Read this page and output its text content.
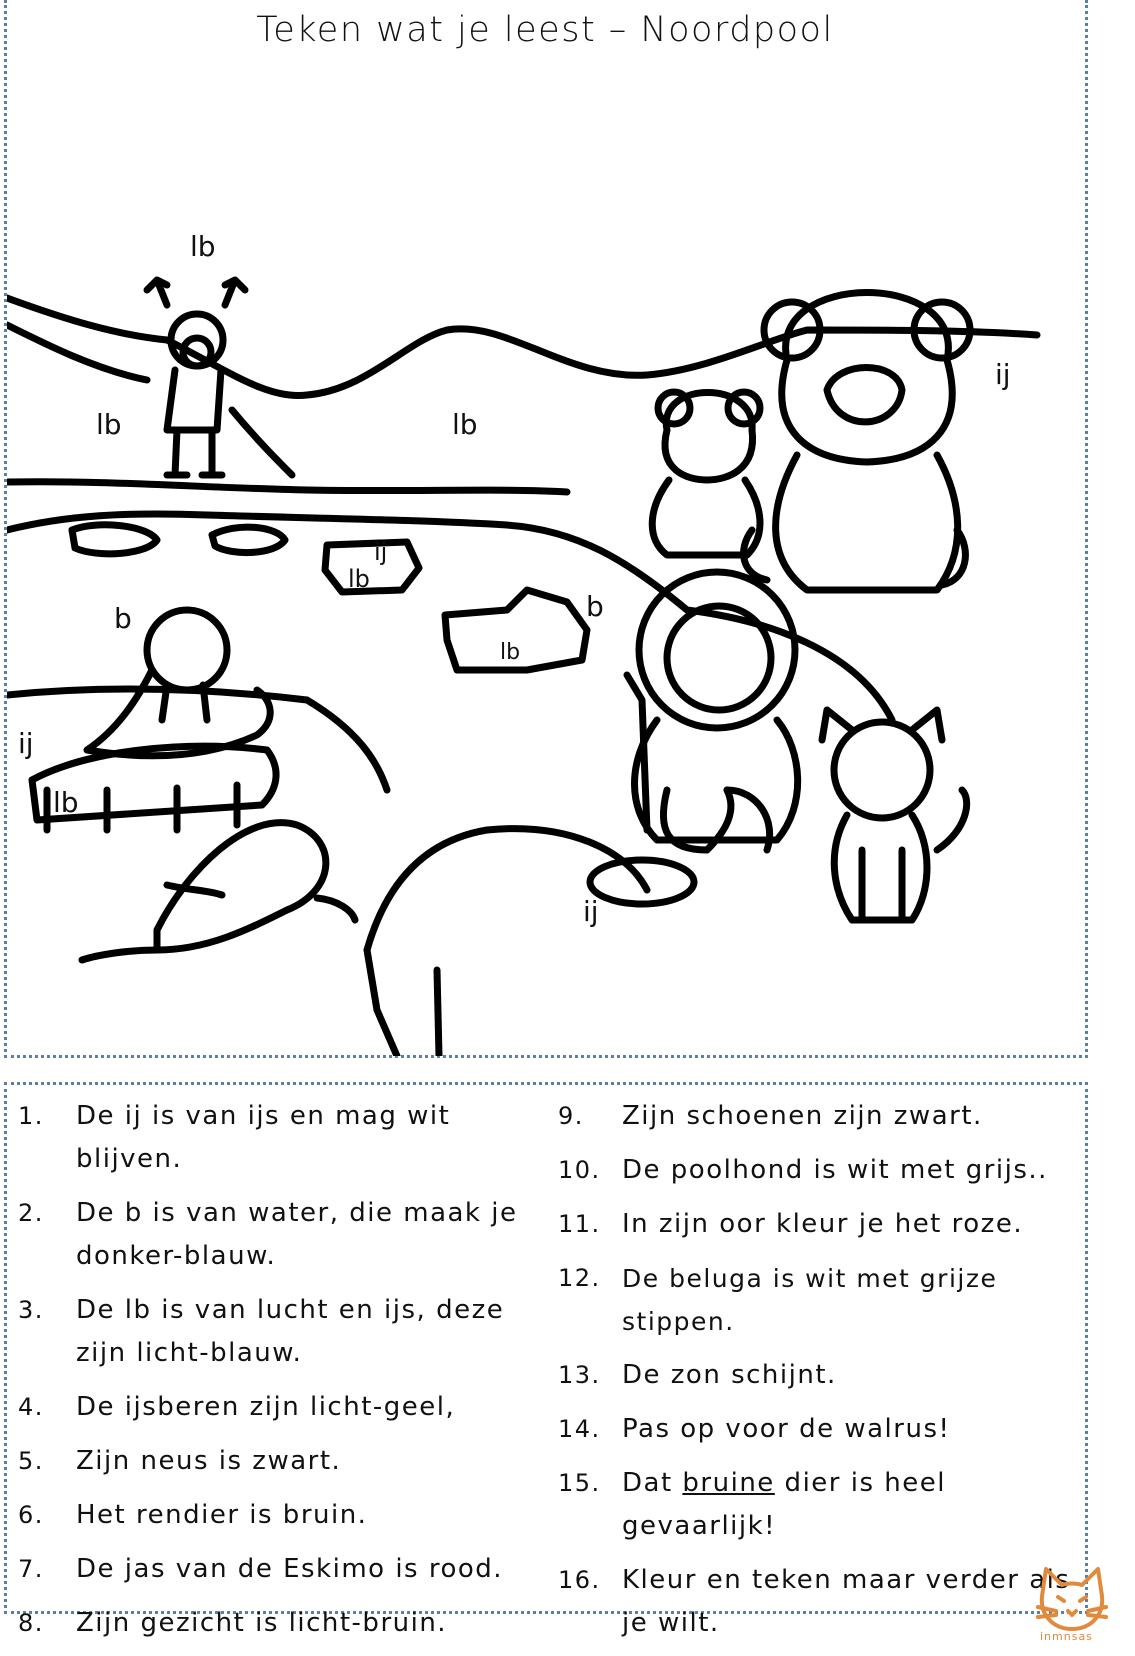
Teken wat je leest – Noordpool
lb
lb	lb
ij
ij
lb
b	b
lb
ij
lb
ij
1.	De ij is van ijs en mag wit blijven.
2.	De b is van water, die maak je donker-blauw.
3.	De lb is van lucht en ijs, deze zijn licht-blauw.
4.	De ijsberen zijn licht-geel,
5.	Zijn neus is zwart.
6.	Het rendier is bruin.
7.	De jas van de Eskimo is rood.
8.	Zijn gezicht is licht-bruin.
9.	Zijn schoenen zijn zwart.
10. De poolhond is wit met grijs..
11. In zijn oor kleur je het roze.
12. De beluga is wit met grijze stippen.
13. De zon schijnt.
14. Pas op voor de walrus!
15. Dat bruine dier is heel gevaarlijk!
16. Kleur en teken maar verder als je wilt.	inmnsas
